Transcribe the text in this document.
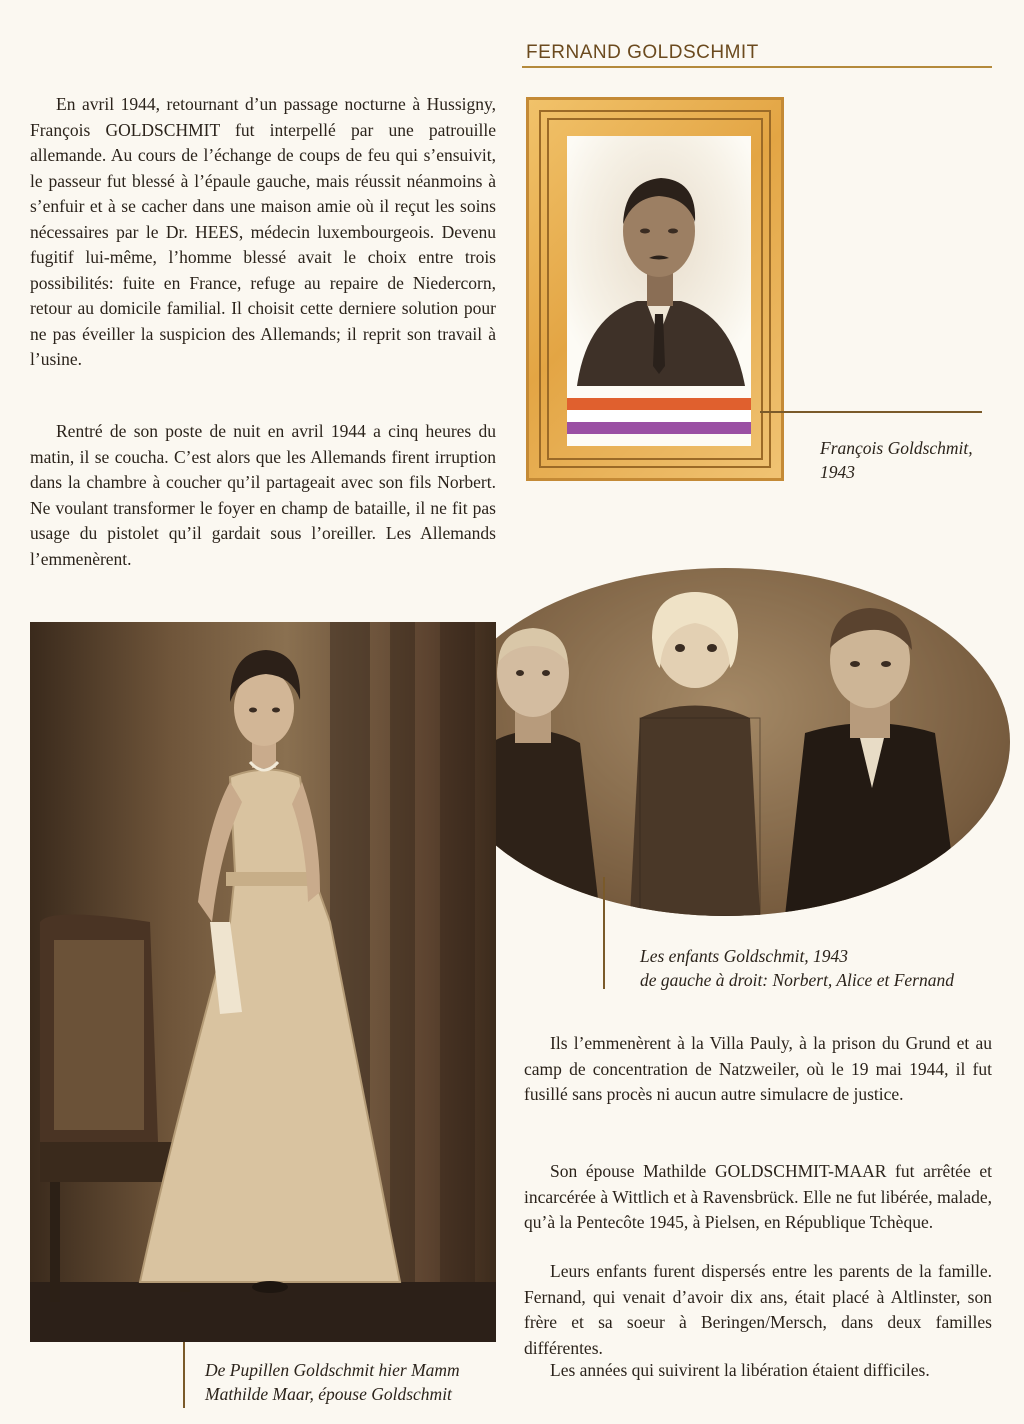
FERNAND GOLDSCHMIT

En avril 1944, retournant d’un passage nocturne à Hussigny, François GOLDSCHMIT fut interpellé par une patrouille allemande. Au cours de l’échange de coups de feu qui s’ensuivit, le passeur fut blessé à l’épaule gauche, mais réussit néanmoins à s’enfuir et à se cacher dans une maison amie où il reçut les soins nécessaires par le Dr. HEES, médecin luxembourgeois. Devenu fugitif lui-même, l’homme blessé avait le choix entre trois possibilités: fuite en France, refuge au repaire de Niedercorn, retour au domicile familial. Il choisit cette derniere solution pour ne pas éveiller la suspicion des Allemands; il reprit son travail à l’usine.

Rentré de son poste de nuit en avril 1944 a cinq heures du matin, il se coucha. C’est alors que les Allemands firent irruption dans la chambre à coucher qu’il partageait avec son fils Norbert. Ne voulant transformer le foyer en champ de bataille, il ne fit pas usage du pistolet qu’il gardait sous l’oreiller. Les Allemands l’emmenèrent.

François Goldschmit,
1943
Les enfants Goldschmit, 1943
de gauche à droit: Norbert, Alice et Fernand
De Pupillen Goldschmit hier Mamm
Mathilde Maar, épouse Goldschmit

Ils l’emmenèrent à la Villa Pauly, à la prison du Grund et au camp de concentration de Natzweiler, où le 19 mai 1944, il fut fusillé sans procès ni aucun autre simulacre de justice.

Son épouse Mathilde GOLDSCHMIT-MAAR fut arrêtée et incarcérée à Wittlich et à Ravensbrück. Elle ne fut libérée, malade, qu’à la Pentecôte 1945, à Pielsen, en République Tchèque.

Leurs enfants furent dispersés entre les parents de la famille. Fernand, qui venait d’avoir dix ans, était placé à Altlinster, son frère et sa soeur à Beringen/Mersch, dans deux familles différentes.

Les années qui suivirent la libération étaient difficiles.
